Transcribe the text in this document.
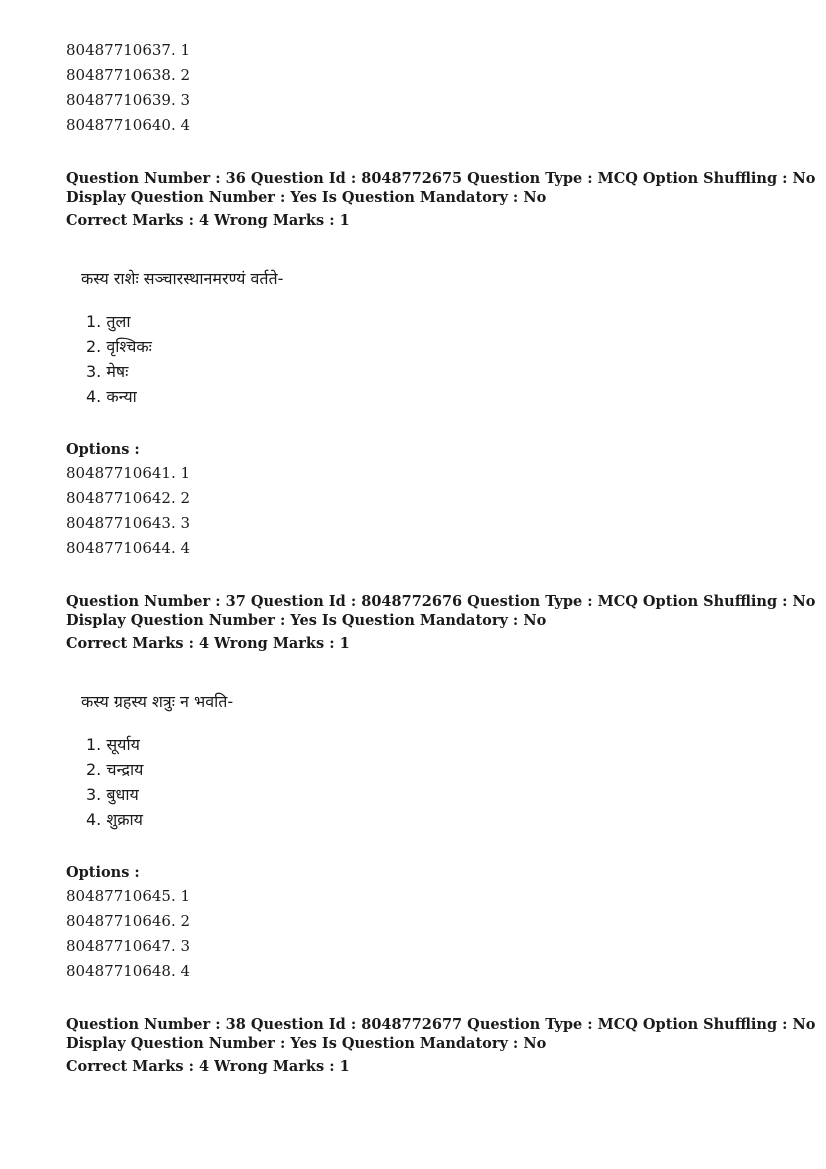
80487710637. 1
80487710638. 2
80487710639. 3
80487710640. 4
Question Number : 36 Question Id : 8048772675 Question Type : MCQ Option Shuffling : No
Display Question Number : Yes Is Question Mandatory : No
Correct Marks : 4 Wrong Marks : 1
कस्य राशेः सञ्चारस्थानमरण्यं वर्तते-
1. तुला
2. वृश्चिकः
3. मेषः
4. कन्या
Options :
80487710641. 1
80487710642. 2
80487710643. 3
80487710644. 4
Question Number : 37 Question Id : 8048772676 Question Type : MCQ Option Shuffling : No
Display Question Number : Yes Is Question Mandatory : No
Correct Marks : 4 Wrong Marks : 1
कस्य ग्रहस्य शत्रुः न भवति-
1. सूर्याय
2. चन्द्राय
3. बुधाय
4. शुक्राय
Options :
80487710645. 1
80487710646. 2
80487710647. 3
80487710648. 4
Question Number : 38 Question Id : 8048772677 Question Type : MCQ Option Shuffling : No
Display Question Number : Yes Is Question Mandatory : No
Correct Marks : 4 Wrong Marks : 1
